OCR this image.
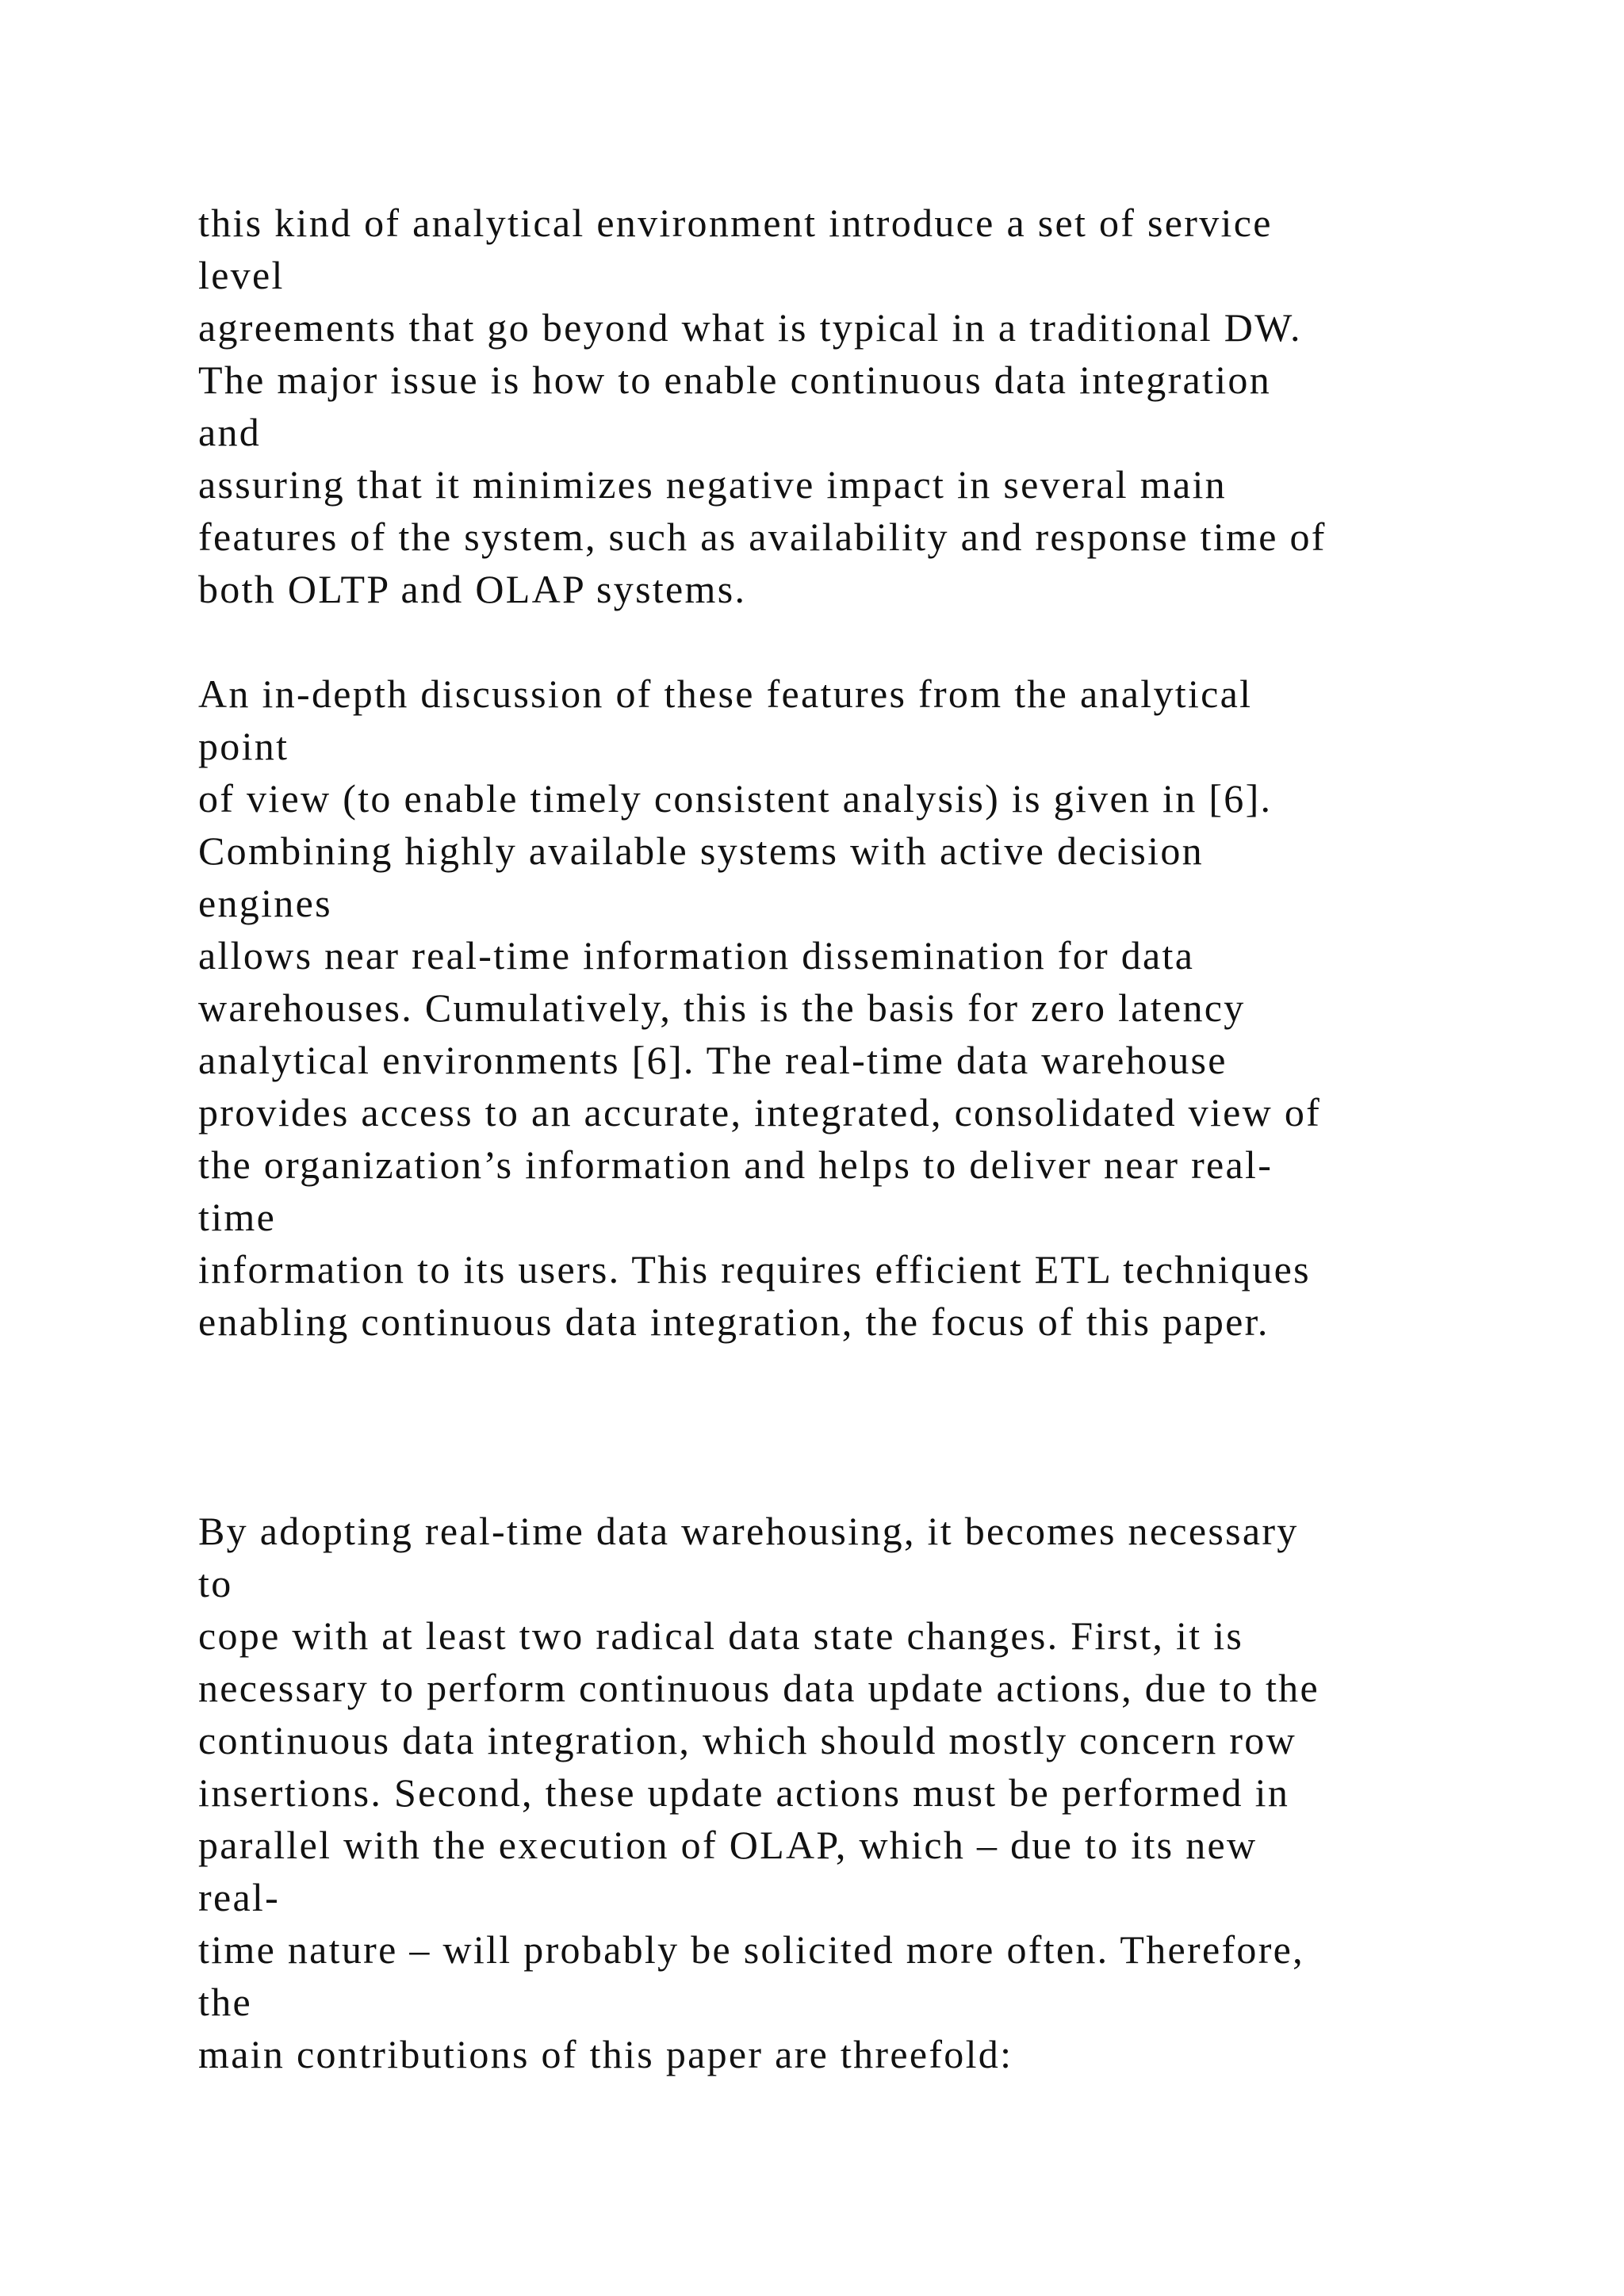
this kind of analytical environment introduce a set of service
level
agreements that go beyond what is typical in a traditional DW.
The major issue is how to enable continuous data integration
and
assuring that it minimizes negative impact in several main
features of the system, such as availability and response time of
both OLTP and OLAP systems.

An in-depth discussion of these features from the analytical
point
of view (to enable timely consistent analysis) is given in [6].
Combining highly available systems with active decision
engines
allows near real-time information dissemination for data
warehouses. Cumulatively, this is the basis for zero latency
analytical environments [6]. The real-time data warehouse
provides access to an accurate, integrated, consolidated view of
the organization’s information and helps to deliver near real-
time
information to its users. This requires efficient ETL techniques
enabling continuous data integration, the focus of this paper.

By adopting real-time data warehousing, it becomes necessary
to
cope with at least two radical data state changes. First, it is
necessary to perform continuous data update actions, due to the
continuous data integration, which should mostly concern row
insertions. Second, these update actions must be performed in
parallel with the execution of OLAP, which – due to its new
real-
time nature – will probably be solicited more often. Therefore,
the
main contributions of this paper are threefold:
